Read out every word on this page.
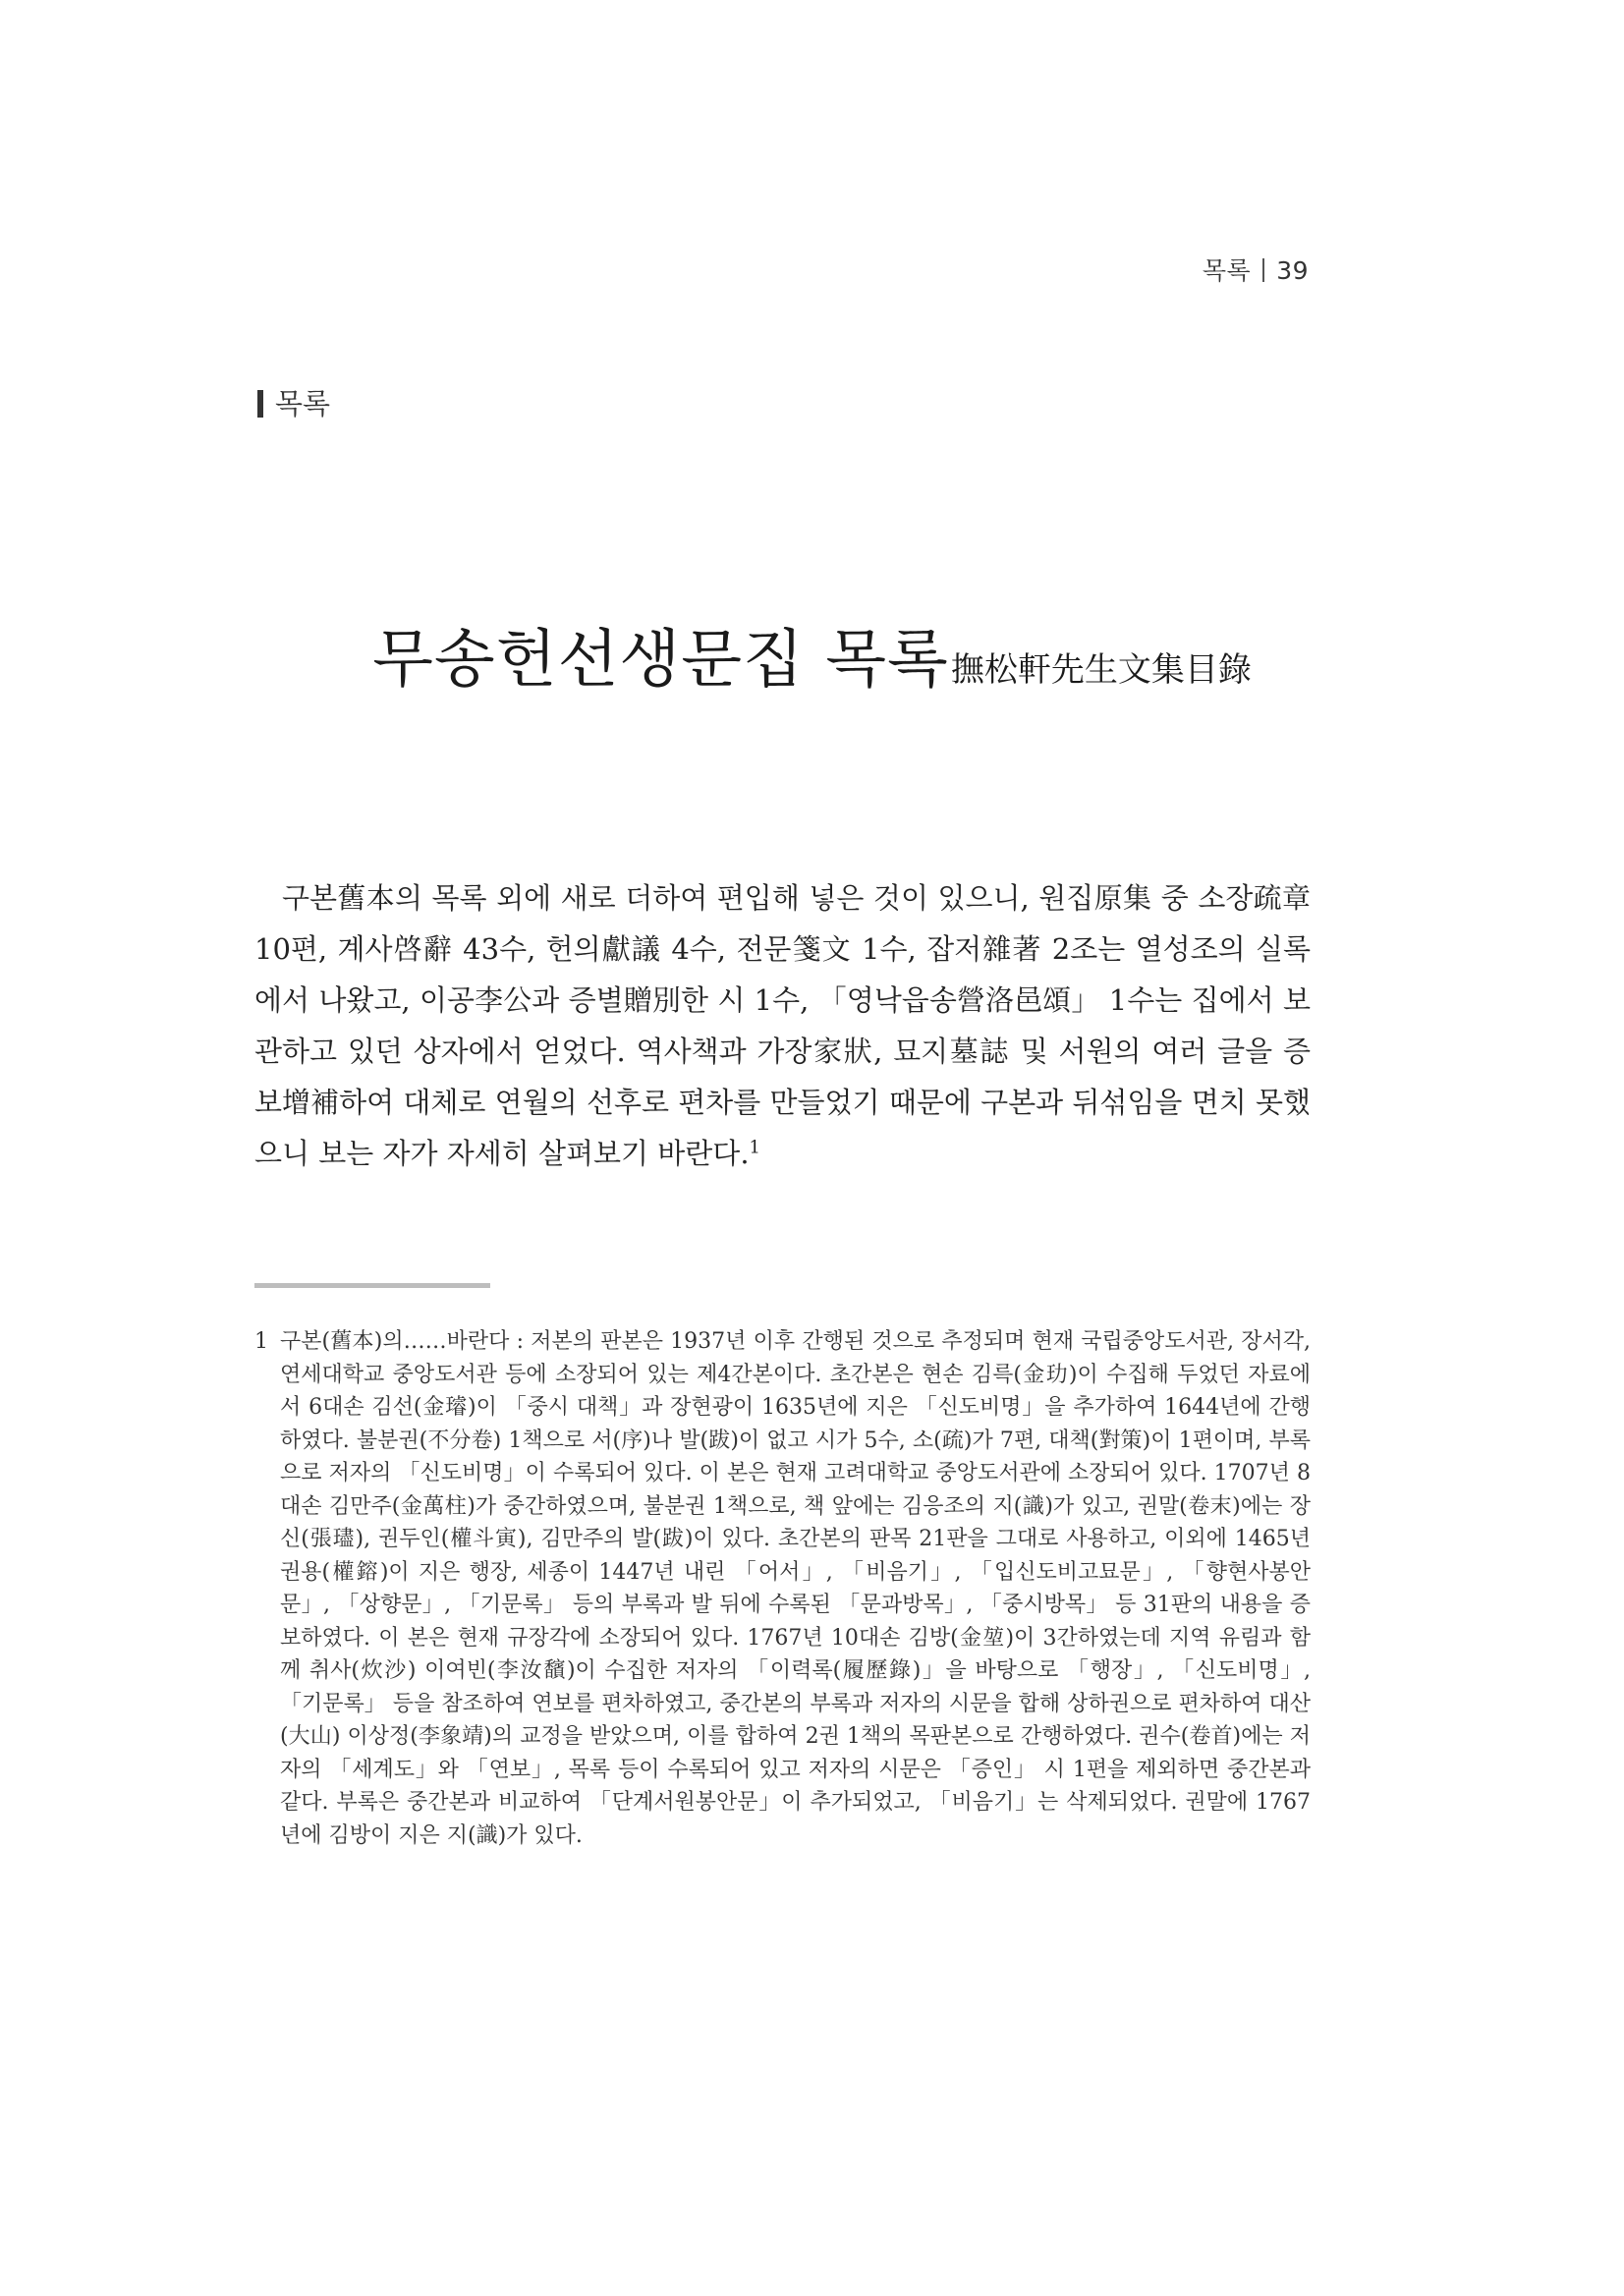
목록 39
목록
무송헌선생문집 목록撫松軒先生文集目錄

구본舊本의 목록 외에 새로 더하여 편입해 넣은 것이 있으니, 원집原集 중 소장疏章 10편, 계사啓辭 43수, 헌의獻議 4수, 전문箋文 1수, 잡저雜著 2조는 열성조의 실록에서 나왔고, 이공李公과 증별贈別한 시 1수, 「영낙읍송營洛邑頌」 1수는 집에서 보관하고 있던 상자에서 얻었다. 역사책과 가장家狀, 묘지墓誌 및 서원의 여러 글을 증보增補하여 대체로 연월의 선후로 편차를 만들었기 때문에 구본과 뒤섞임을 면치 못했으니 보는 자가 자세히 살펴보기 바란다.$^1$

1 구본(舊本)의……바란다 : 저본의 판본은 1937년 이후 간행된 것으로 추정되며 현재 국립중앙도서관, 장서각, 연세대학교 중앙도서관 등에 소장되어 있는 제4간본이다. 초간본은 현손 김륵(金玏)이 수집해 두었던 자료에서 6대손 김선(金璿)이 「중시 대책」과 장현광이 1635년에 지은 「신도비명」을 추가하여 1644년에 간행하였다. 불분권(不分卷) 1책으로 서(序)나 발(跋)이 없고 시가 5수, 소(疏)가 7편, 대책(對策)이 1편이며, 부록으로 저자의 「신도비명」이 수록되어 있다. 이 본은 현재 고려대학교 중앙도서관에 소장되어 있다. 1707년 8대손 김만주(金萬柱)가 중간하였으며, 불분권 1책으로, 책 앞에는 김응조의 지(識)가 있고, 권말(卷末)에는 장신(張璶), 권두인(權斗寅), 김만주의 발(跋)이 있다. 초간본의 판목 21판을 그대로 사용하고, 이외에 1465년 권용(權鎔)이 지은 행장, 세종이 1447년 내린 「어서」, 「비음기」, 「입신도비고묘문」, 「향현사봉안문」, 「상향문」, 「기문록」 등의 부록과 발 뒤에 수록된 「문과방목」, 「중시방목」 등 31판의 내용을 증보하였다. 이 본은 현재 규장각에 소장되어 있다. 1767년 10대손 김방(金堃)이 3간하였는데 지역 유림과 함께 취사(炊沙) 이여빈(李汝馪)이 수집한 저자의 「이력록(履歷錄)」을 바탕으로 「행장」, 「신도비명」, 「기문록」 등을 참조하여 연보를 편차하였고, 중간본의 부록과 저자의 시문을 합해 상하권으로 편차하여 대산(大山) 이상정(李象靖)의 교정을 받았으며, 이를 합하여 2권 1책의 목판본으로 간행하였다. 권수(卷首)에는 저자의 「세계도」와 「연보」, 목록 등이 수록되어 있고 저자의 시문은 「증인」 시 1편을 제외하면 중간본과 같다. 부록은 중간본과 비교하여 「단계서원봉안문」이 추가되었고, 「비음기」는 삭제되었다. 권말에 1767년에 김방이 지은 지(識)가 있다.
